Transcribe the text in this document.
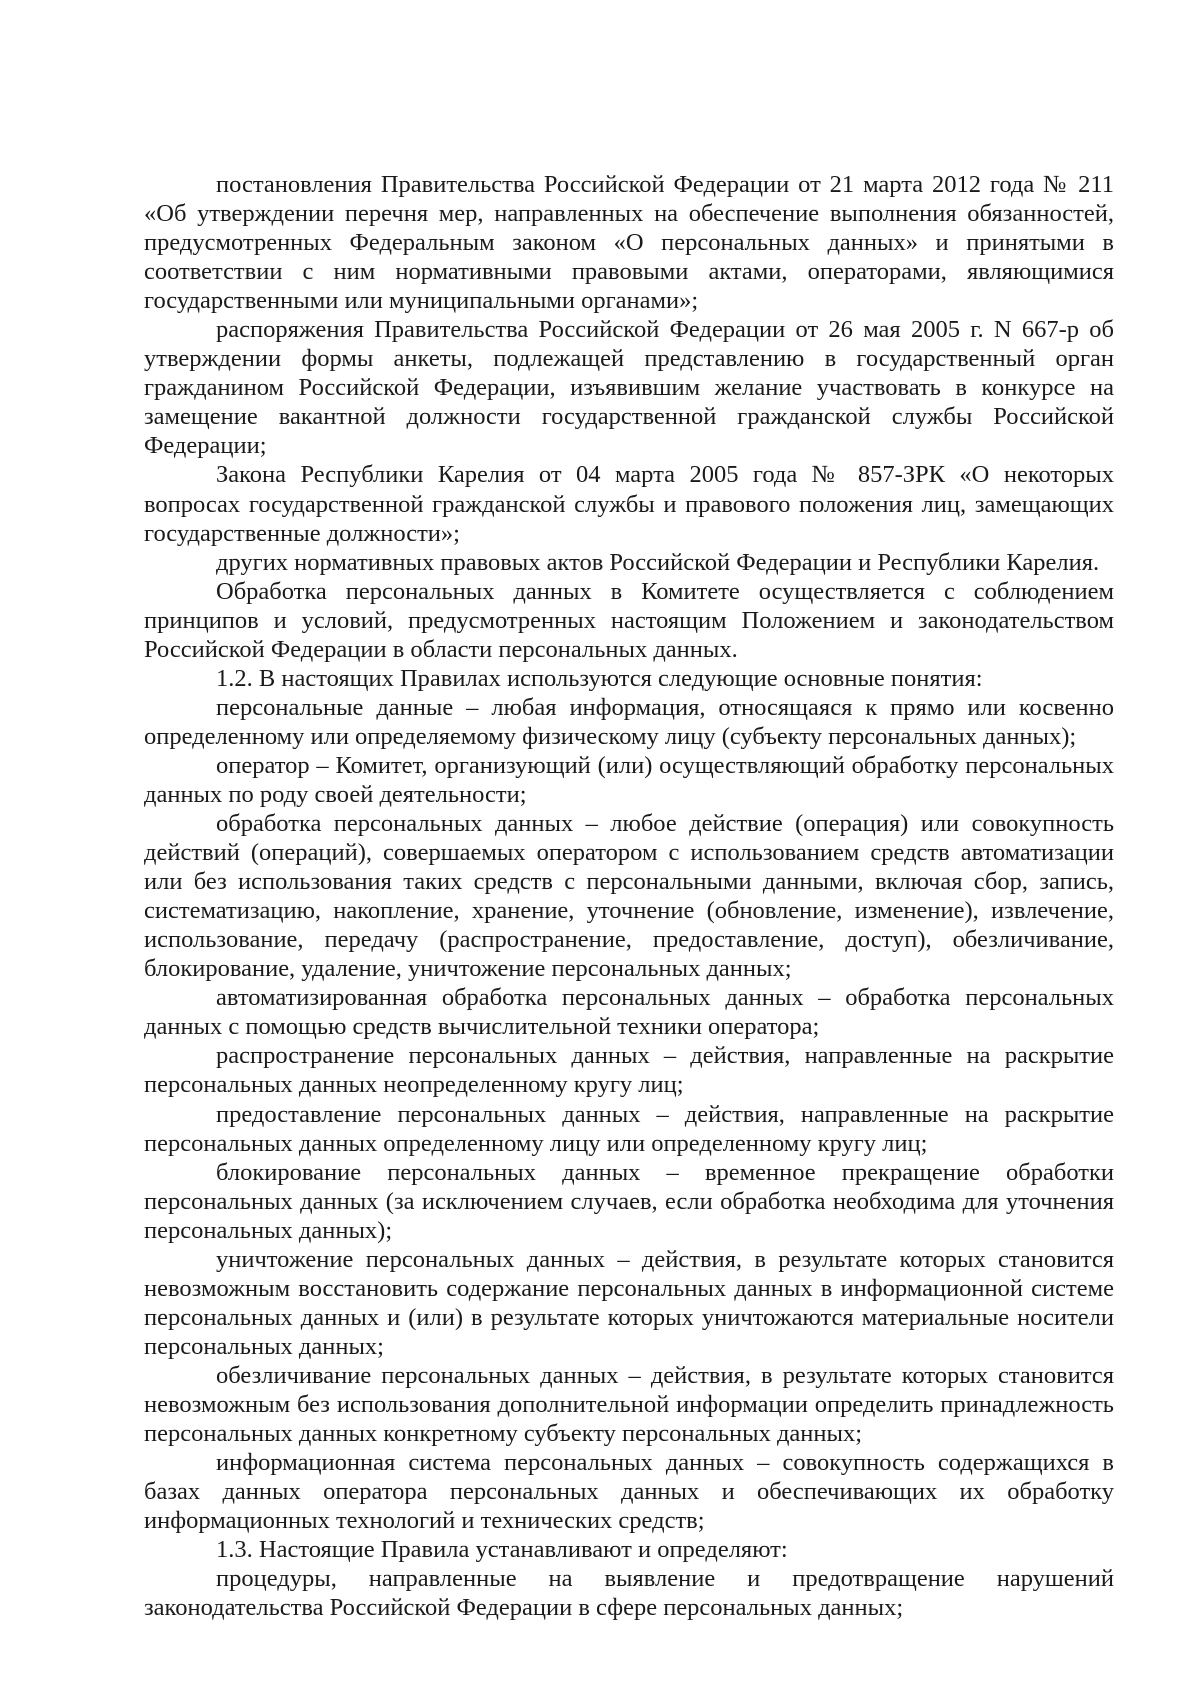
постановления Правительства Российской Федерации от 21 марта 2012 года № 211 «Об утверждении перечня мер, направленных на обеспечение выполнения обязанностей, предусмотренных Федеральным законом «О персональных данных» и принятыми в соответствии с ним нормативными правовыми актами, операторами, являющимися государственными или муниципальными органами»;

распоряжения Правительства Российской Федерации от 26 мая 2005 г. N 667-р об утверждении формы анкеты, подлежащей представлению в государственный орган гражданином Российской Федерации, изъявившим желание участвовать в конкурсе на замещение вакантной должности государственной гражданской службы Российской Федерации;

Закона Республики Карелия от 04 марта 2005 года № 857-ЗРК «О некоторых вопросах государственной гражданской службы и правового положения лиц, замещающих государственные должности»;

других нормативных правовых актов Российской Федерации и Республики Карелия.

Обработка персональных данных в Комитете осуществляется с соблюдением принципов и условий, предусмотренных настоящим Положением и законодательством Российской Федерации в области персональных данных.

1.2. В настоящих Правилах используются следующие основные понятия:

персональные данные – любая информация, относящаяся к прямо или косвенно определенному или определяемому физическому лицу (субъекту персональных данных);

оператор – Комитет, организующий (или) осуществляющий обработку персональных данных по роду своей деятельности;

обработка персональных данных – любое действие (операция) или совокупность действий (операций), совершаемых оператором с использованием средств автоматизации или без использования таких средств с персональными данными, включая сбор, запись, систематизацию, накопление, хранение, уточнение (обновление, изменение), извлечение, использование, передачу (распространение, предоставление, доступ), обезличивание, блокирование, удаление, уничтожение персональных данных;

автоматизированная обработка персональных данных – обработка персональных данных с помощью средств вычислительной техники оператора;

распространение персональных данных – действия, направленные на раскрытие персональных данных неопределенному кругу лиц;

предоставление персональных данных – действия, направленные на раскрытие персональных данных определенному лицу или определенному кругу лиц;

блокирование персональных данных – временное прекращение обработки персональных данных (за исключением случаев, если обработка необходима для уточнения персональных данных);

уничтожение персональных данных – действия, в результате которых становится невозможным восстановить содержание персональных данных в информационной системе персональных данных и (или) в результате которых уничтожаются материальные носители персональных данных;

обезличивание персональных данных – действия, в результате которых становится невозможным без использования дополнительной информации определить принадлежность персональных данных конкретному субъекту персональных данных;

информационная система персональных данных – совокупность содержащихся в базах данных оператора персональных данных и обеспечивающих их обработку информационных технологий и технических средств;

1.3. Настоящие Правила устанавливают и определяют:

процедуры, направленные на выявление и предотвращение нарушений законодательства Российской Федерации в сфере персональных данных;
